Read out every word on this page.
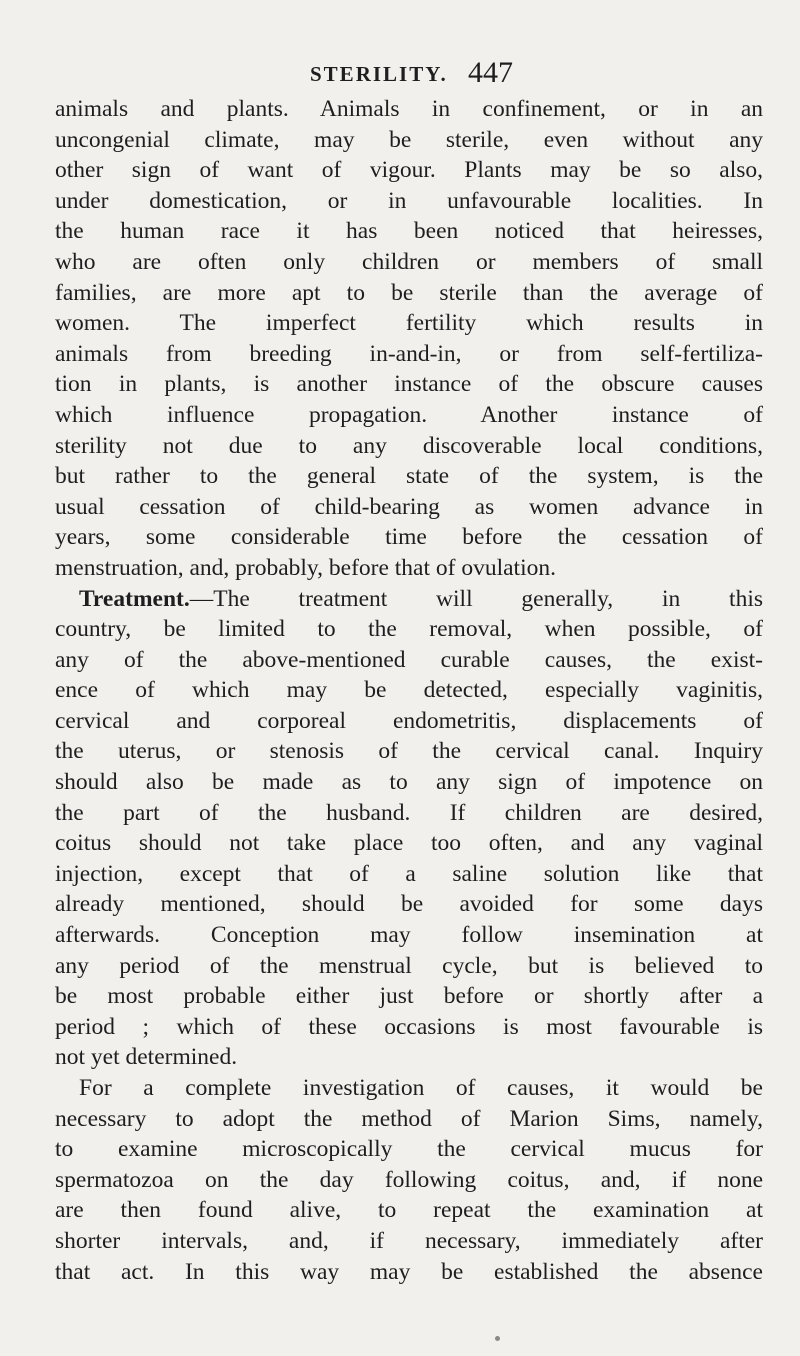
STERILITY. 447
animals and plants. Animals in confinement, or in an
uncongenial climate, may be sterile, even without any
other sign of want of vigour. Plants may be so also,
under domestication, or in unfavourable localities. In
the human race it has been noticed that heiresses,
who are often only children or members of small
families, are more apt to be sterile than the average of
women. The imperfect fertility which results in
animals from breeding in-and-in, or from self-fertiliza-
tion in plants, is another instance of the obscure causes
which influence propagation. Another instance of
sterility not due to any discoverable local conditions,
but rather to the general state of the system, is the
usual cessation of child-bearing as women advance in
years, some considerable time before the cessation of
menstruation, and, probably, before that of ovulation.
Treatment.—The treatment will generally, in this
country, be limited to the removal, when possible, of
any of the above-mentioned curable causes, the exist-
ence of which may be detected, especially vaginitis,
cervical and corporeal endometritis, displacements of
the uterus, or stenosis of the cervical canal. Inquiry
should also be made as to any sign of impotence on
the part of the husband. If children are desired,
coitus should not take place too often, and any vaginal
injection, except that of a saline solution like that
already mentioned, should be avoided for some days
afterwards. Conception may follow insemination at
any period of the menstrual cycle, but is believed to
be most probable either just before or shortly after a
period ; which of these occasions is most favourable is
not yet determined.
For a complete investigation of causes, it would be
necessary to adopt the method of Marion Sims, namely,
to examine microscopically the cervical mucus for
spermatozoa on the day following coitus, and, if none
are then found alive, to repeat the examination at
shorter intervals, and, if necessary, immediately after
that act. In this way may be established the absence
